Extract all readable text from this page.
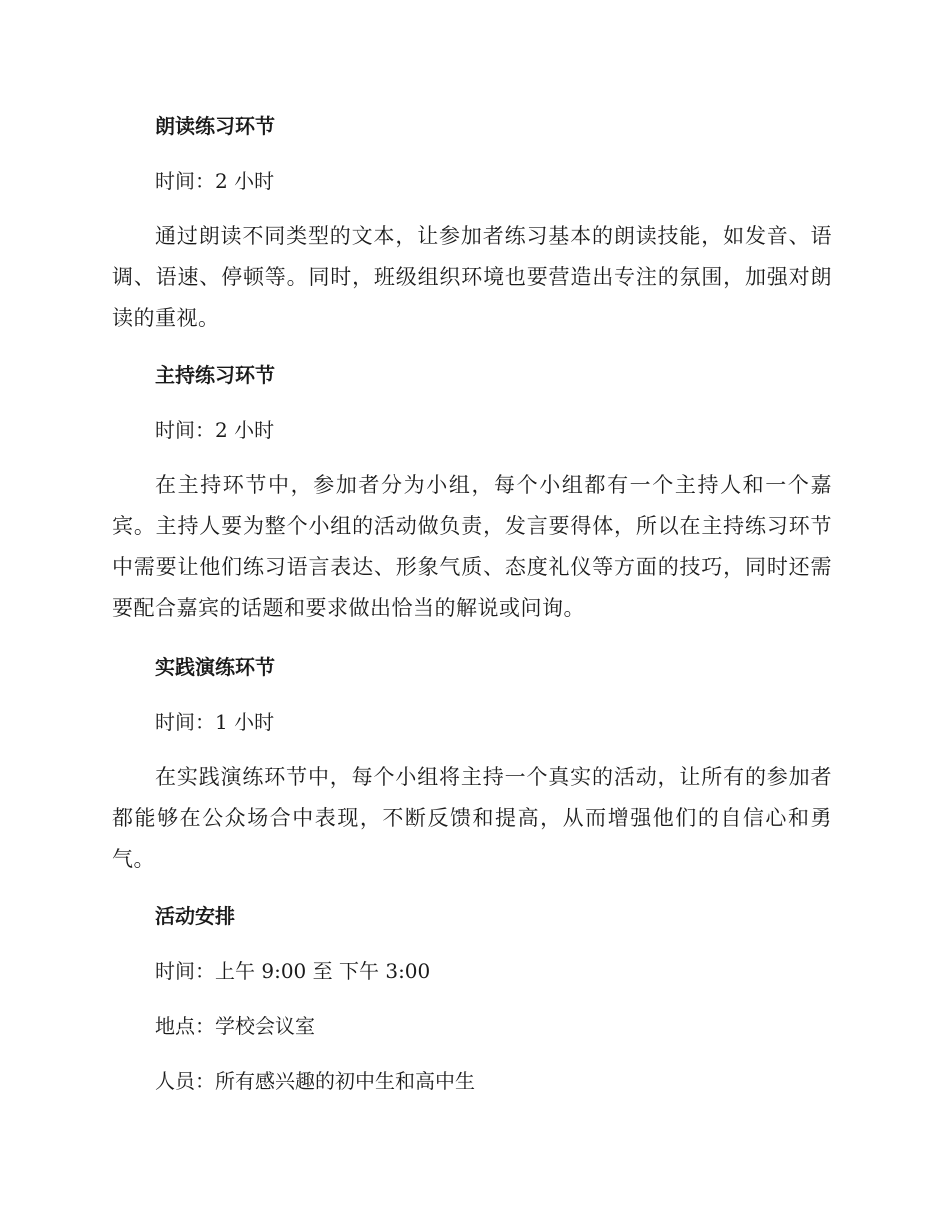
朗读练习环节

时间：2 小时

通过朗读不同类型的文本，让参加者练习基本的朗读技能，如发音、语调、语速、停顿等。同时，班级组织环境也要营造出专注的氛围，加强对朗读的重视。

主持练习环节

时间：2 小时

在主持环节中，参加者分为小组，每个小组都有一个主持人和一个嘉宾。主持人要为整个小组的活动做负责，发言要得体，所以在主持练习环节中需要让他们练习语言表达、形象气质、态度礼仪等方面的技巧，同时还需要配合嘉宾的话题和要求做出恰当的解说或问询。

实践演练环节

时间：1 小时

在实践演练环节中，每个小组将主持一个真实的活动，让所有的参加者都能够在公众场合中表现，不断反馈和提高，从而增强他们的自信心和勇气。

活动安排

时间：上午 9:00 至 下午 3:00

地点：学校会议室

人员：所有感兴趣的初中生和高中生
